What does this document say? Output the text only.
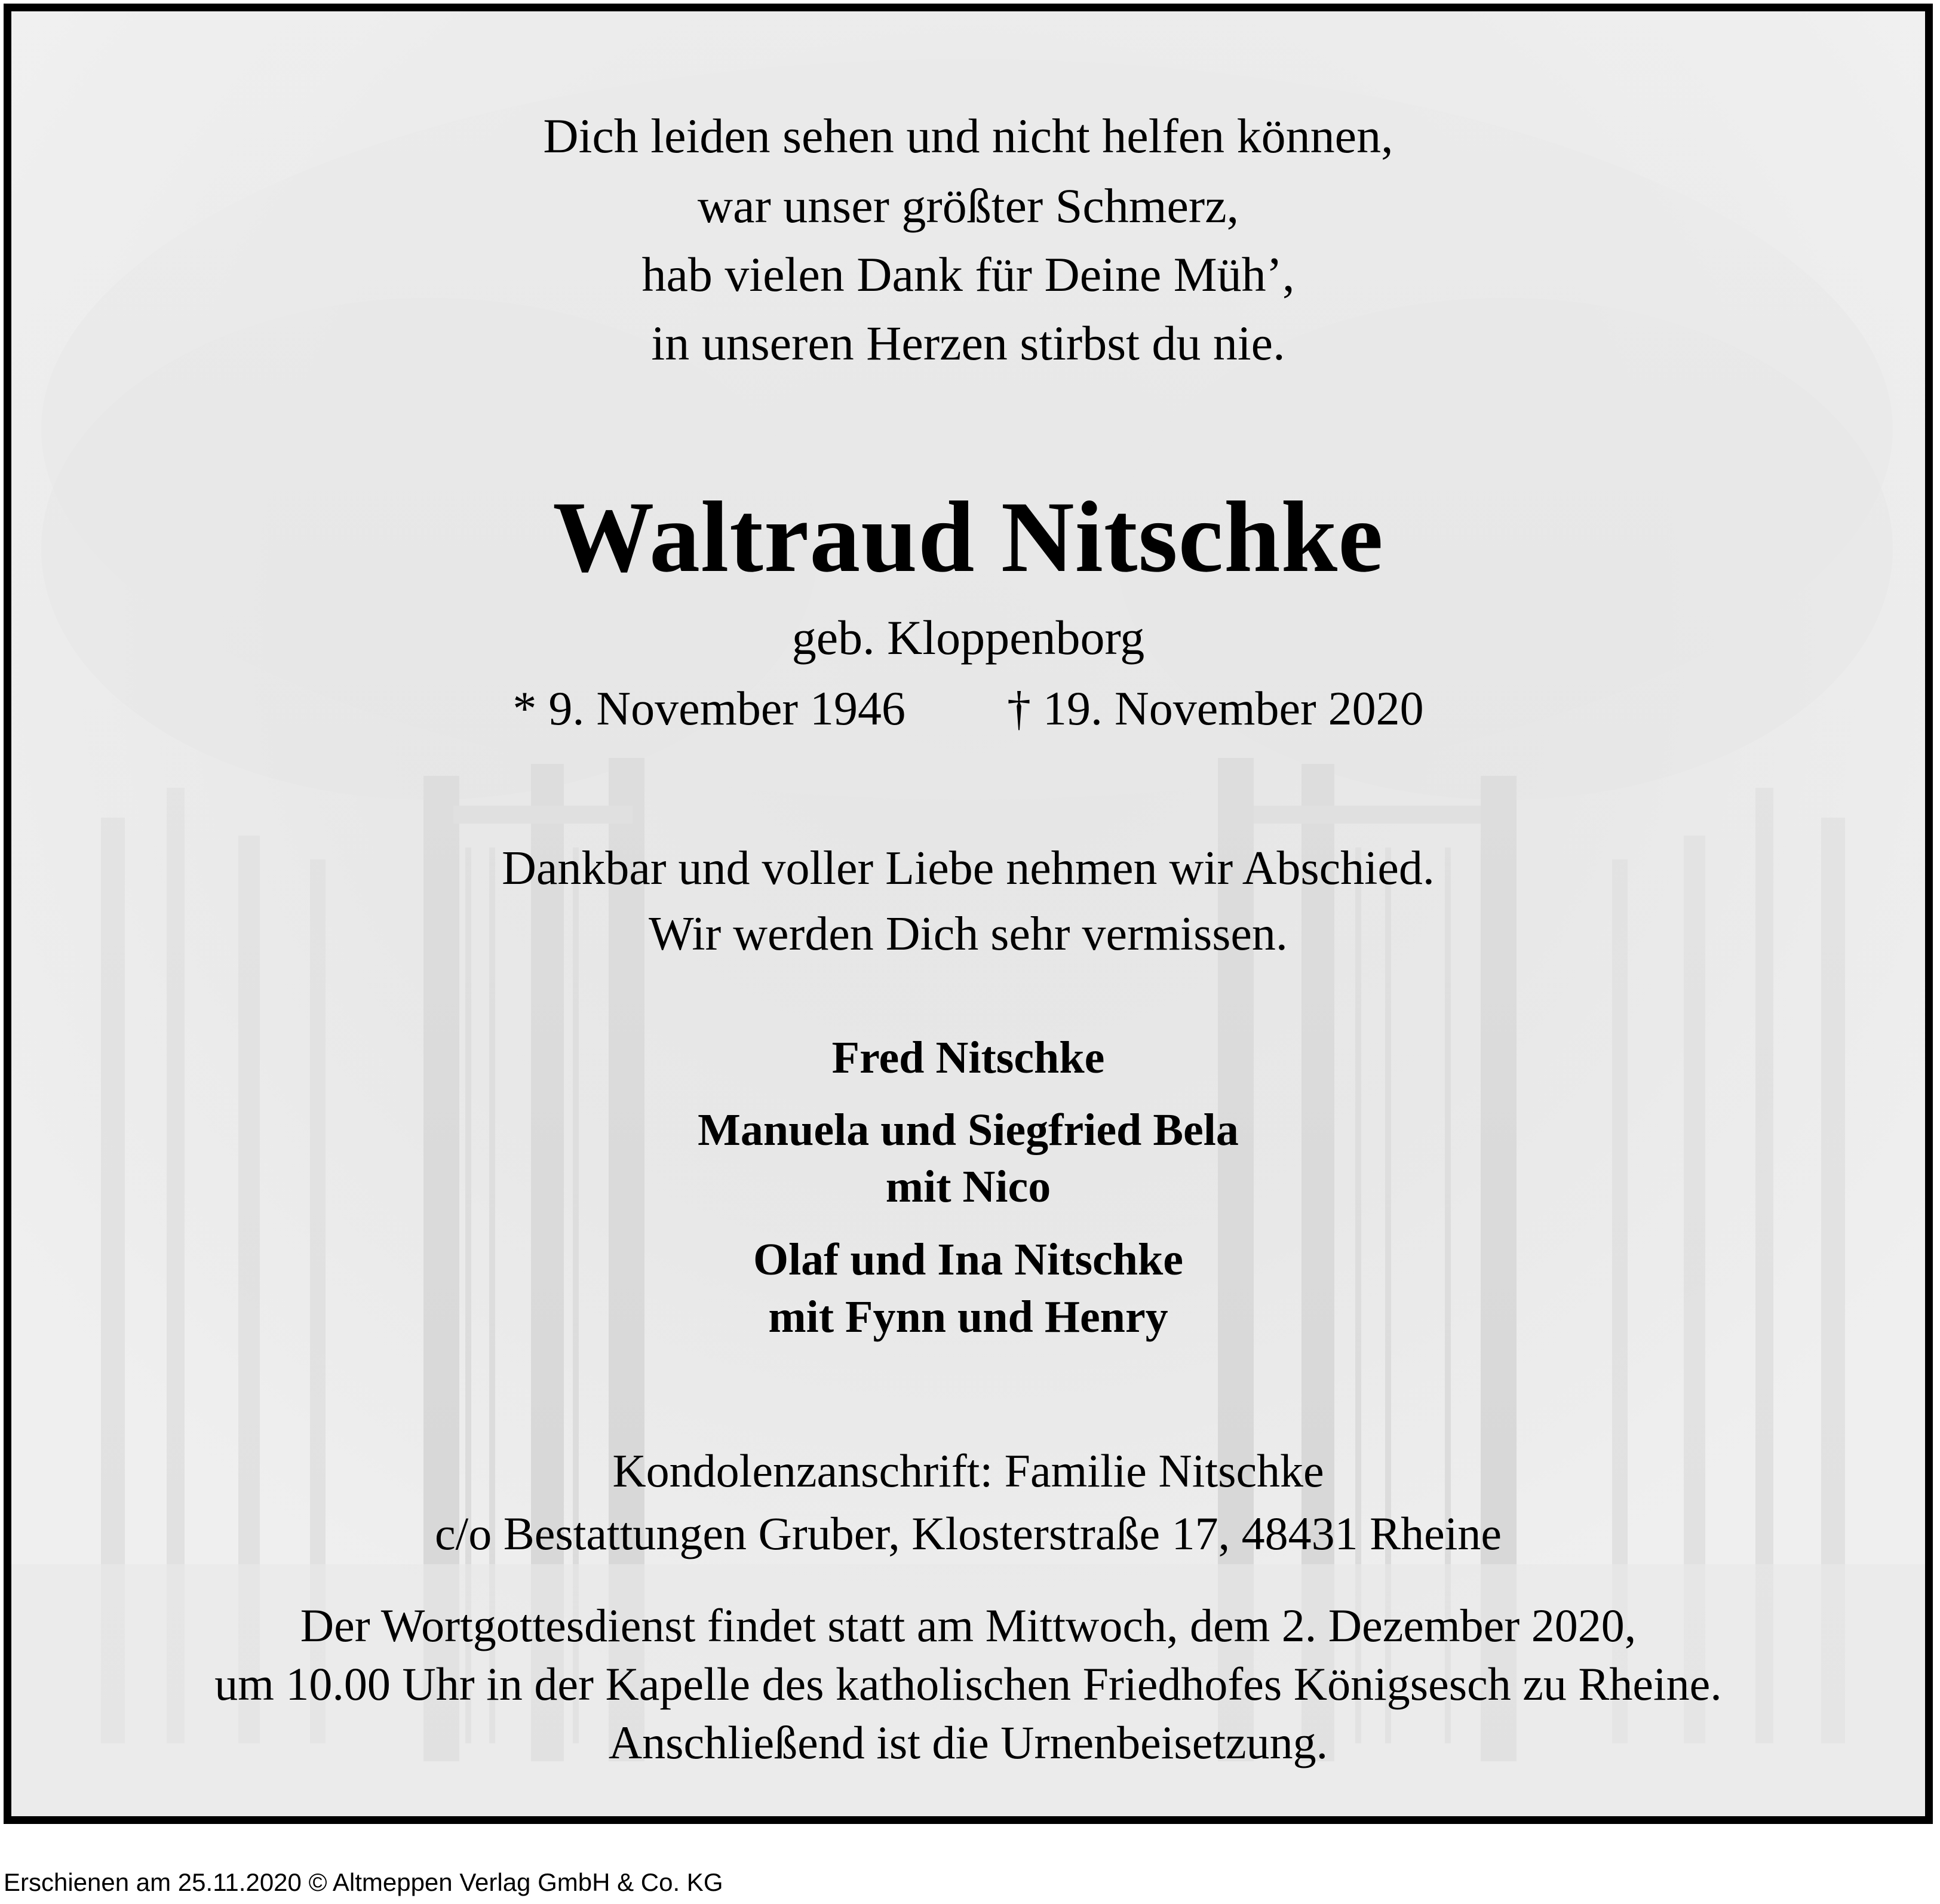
Dich leiden sehen und nicht helfen können,
war unser größter Schmerz,
hab vielen Dank für Deine Müh’,
in unseren Herzen stirbst du nie.
Waltraud Nitschke
geb. Kloppenborg
* 9. November 1946 † 19. November 2020
Dankbar und voller Liebe nehmen wir Abschied.
Wir werden Dich sehr vermissen.
Fred Nitschke
Manuela und Siegfried Bela
mit Nico
Olaf und Ina Nitschke
mit Fynn und Henry
Kondolenzanschrift: Familie Nitschke
c/o Bestattungen Gruber, Klosterstraße 17, 48431 Rheine
Der Wortgottesdienst findet statt am Mittwoch, dem 2. Dezember 2020,
um 10.00 Uhr in der Kapelle des katholischen Friedhofes Königsesch zu Rheine.
Anschließend ist die Urnenbeisetzung.
Erschienen am 25.11.2020 © Altmeppen Verlag GmbH & Co. KG
